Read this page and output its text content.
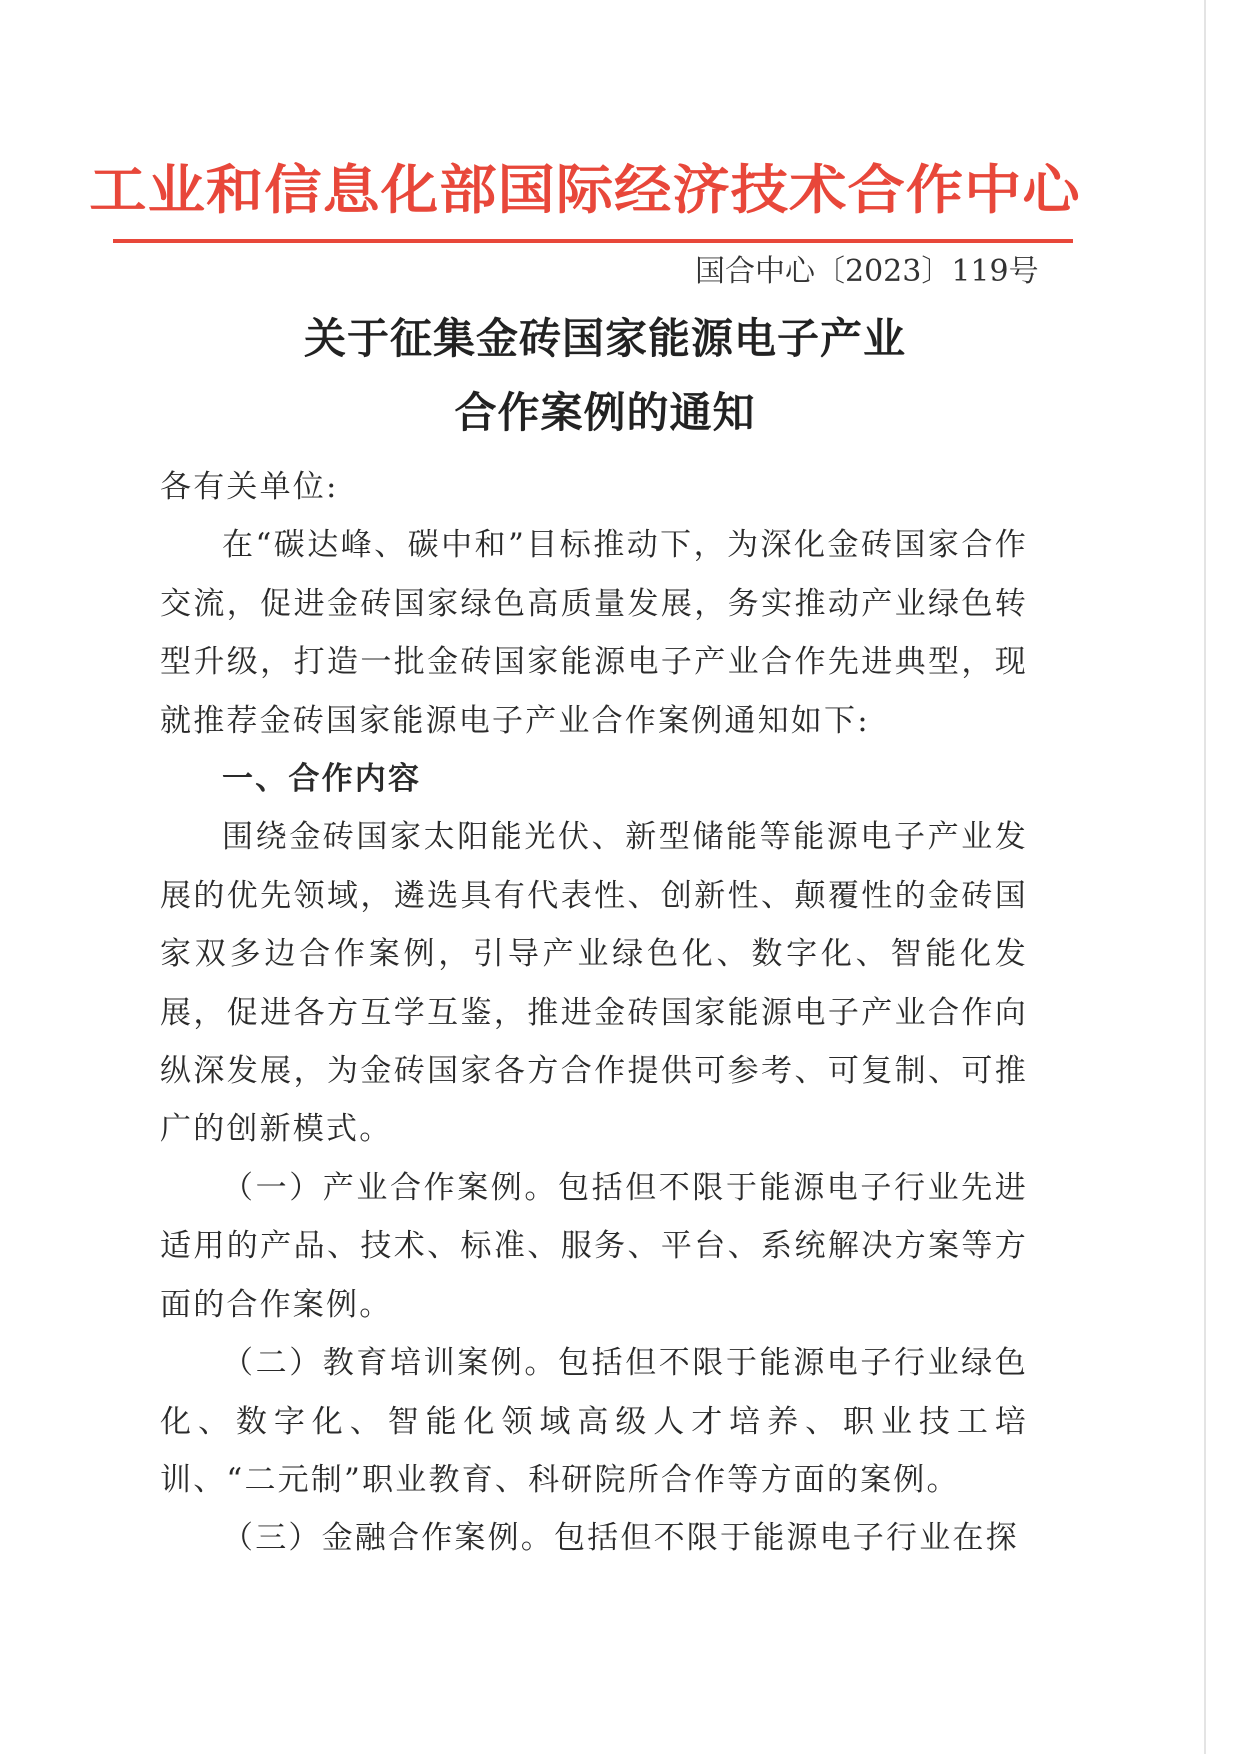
工业和信息化部国际经济技术合作中心
国合中心〔2023〕119号
关于征集金砖国家能源电子产业
合作案例的通知

各有关单位:

在“碳达峰、碳中和”目标推动下，为深化金砖国家合作交流，促进金砖国家绿色高质量发展，务实推动产业绿色转型升级，打造一批金砖国家能源电子产业合作先进典型，现就推荐金砖国家能源电子产业合作案例通知如下:

一、合作内容

围绕金砖国家太阳能光伏、新型储能等能源电子产业发展的优先领域，遴选具有代表性、创新性、颠覆性的金砖国家双多边合作案例，引导产业绿色化、数字化、智能化发展，促进各方互学互鉴，推进金砖国家能源电子产业合作向纵深发展，为金砖国家各方合作提供可参考、可复制、可推广的创新模式。

（一）产业合作案例。包括但不限于能源电子行业先进适用的产品、技术、标准、服务、平台、系统解决方案等方面的合作案例。

（二）教育培训案例。包括但不限于能源电子行业绿色化、数字化、智能化领域高级人才培养、职业技工培训、“二元制”职业教育、科研院所合作等方面的案例。

（三）金融合作案例。包括但不限于能源电子行业在探
